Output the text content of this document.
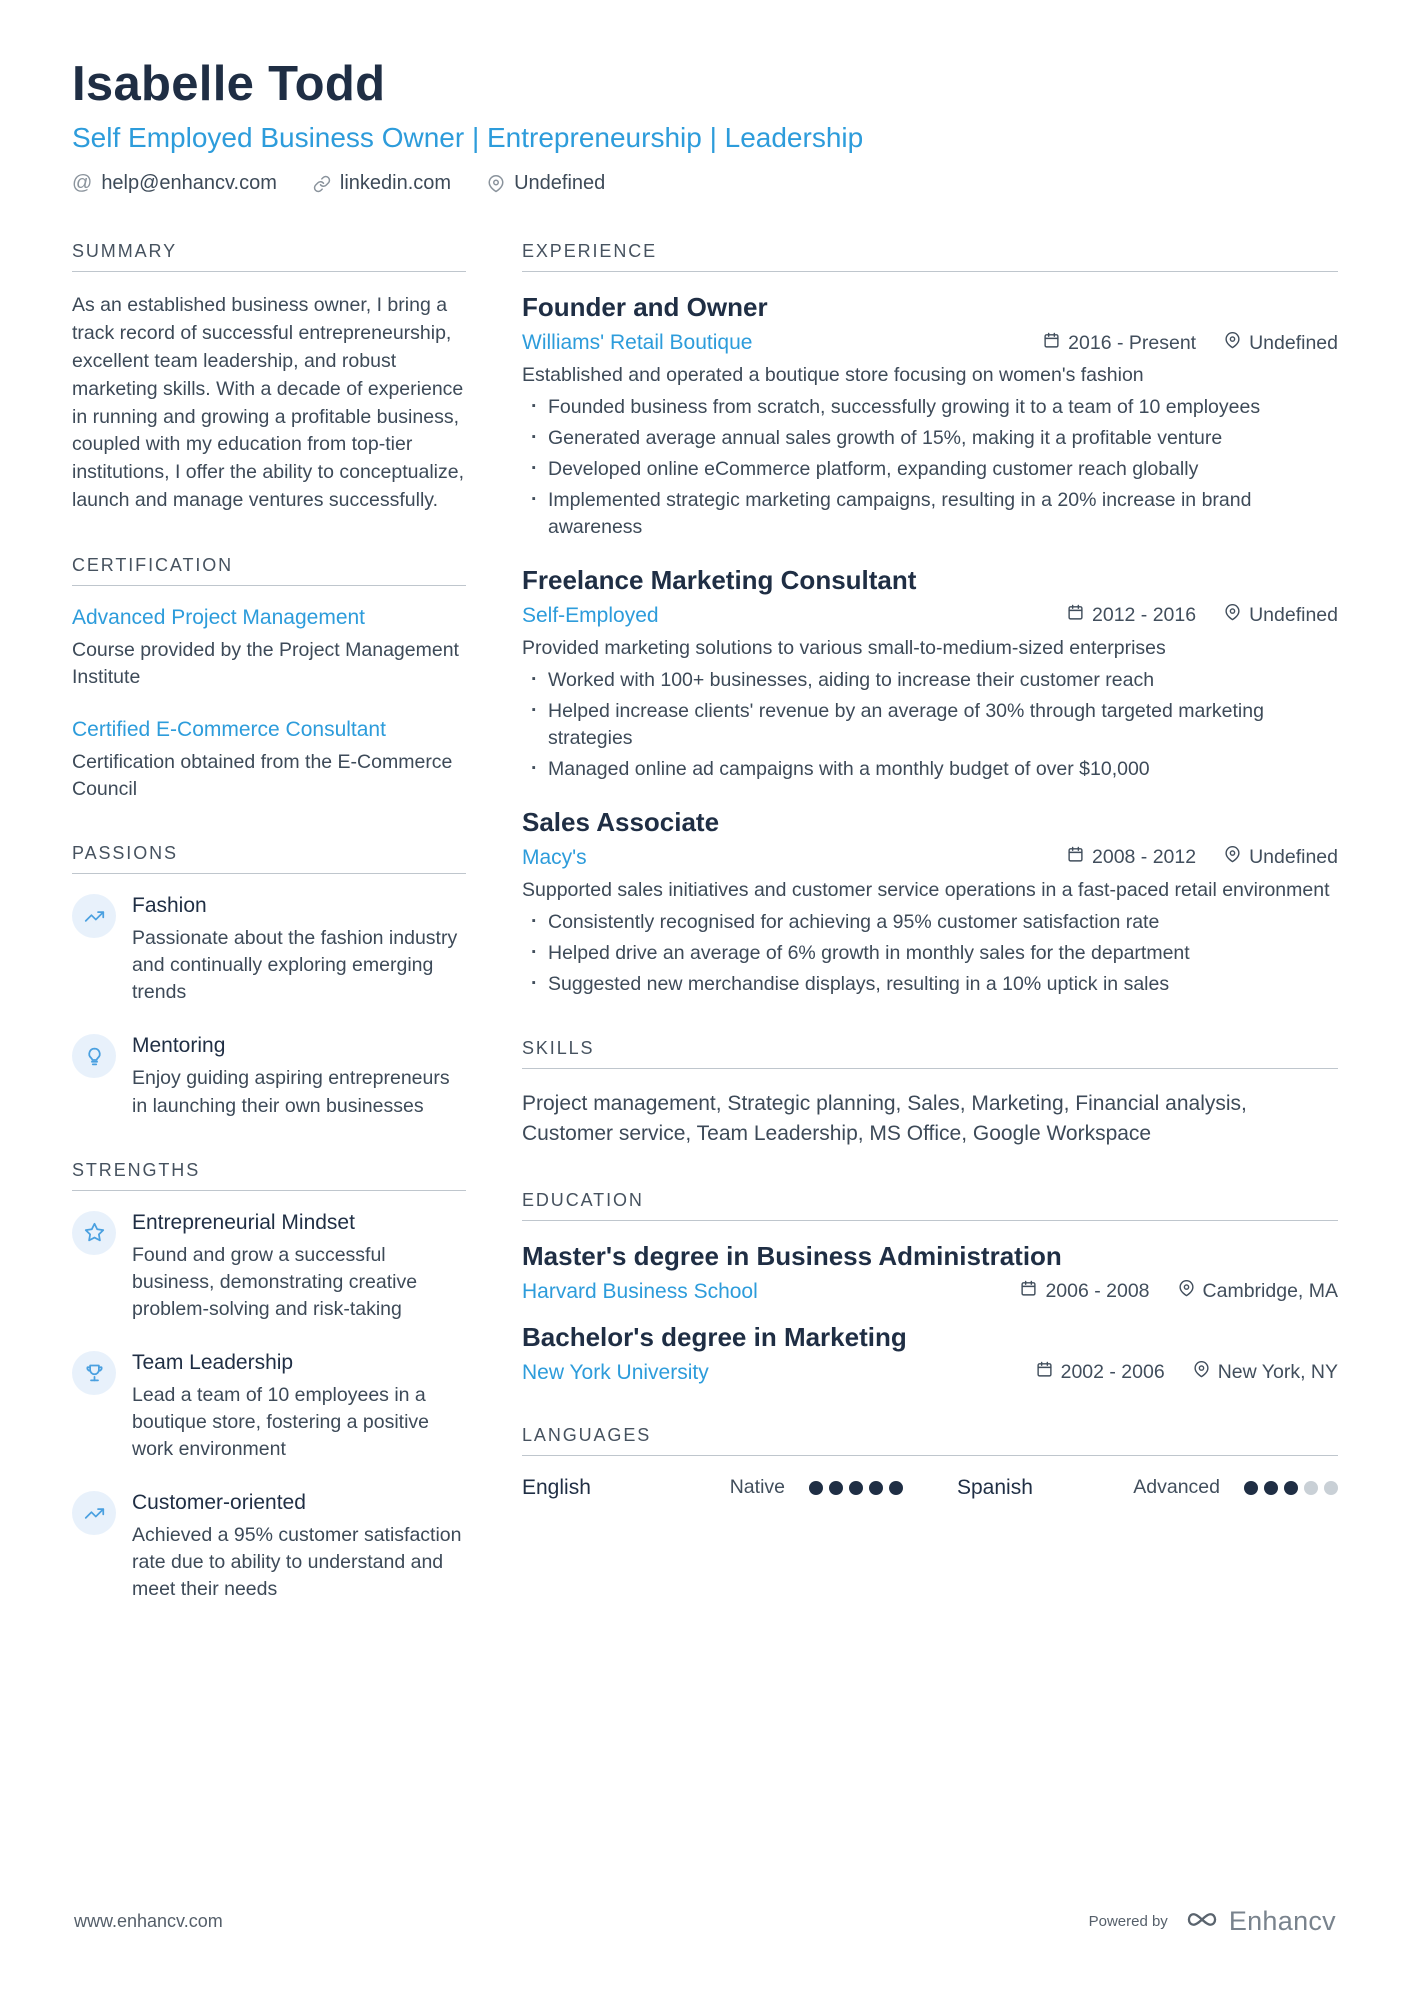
Isabelle Todd
Self Employed Business Owner | Entrepreneurship | Leadership
@ help@enhancv.com	linkedin.com	Undefined
SUMMARY
As an established business owner, I bring a track record of successful entrepreneurship, excellent team leadership, and robust marketing skills. With a decade of experience in running and growing a profitable business, coupled with my education from top-tier institutions, I offer the ability to conceptualize, launch and manage ventures successfully.
CERTIFICATION
Advanced Project Management
Course provided by the Project Management Institute
Certified E-Commerce Consultant
Certification obtained from the E-Commerce Council
PASSIONS
Fashion
Passionate about the fashion industry and continually exploring emerging trends
Mentoring
Enjoy guiding aspiring entrepreneurs in launching their own businesses
STRENGTHS
Entrepreneurial Mindset
Found and grow a successful business, demonstrating creative problem-solving and risk-taking
Team Leadership
Lead a team of 10 employees in a boutique store, fostering a positive work environment
Customer-oriented
Achieved a 95% customer satisfaction rate due to ability to understand and meet their needs
EXPERIENCE
Founder and Owner
Williams' Retail Boutique	2016 - Present	Undefined
Established and operated a boutique store focusing on women's fashion
· Founded business from scratch, successfully growing it to a team of 10 employees
· Generated average annual sales growth of 15%, making it a profitable venture
· Developed online eCommerce platform, expanding customer reach globally
· Implemented strategic marketing campaigns, resulting in a 20% increase in brand awareness
Freelance Marketing Consultant
Self-Employed	2012 - 2016	Undefined
Provided marketing solutions to various small-to-medium-sized enterprises
· Worked with 100+ businesses, aiding to increase their customer reach
· Helped increase clients' revenue by an average of 30% through targeted marketing strategies
· Managed online ad campaigns with a monthly budget of over $10,000
Sales Associate
Macy's	2008 - 2012	Undefined
Supported sales initiatives and customer service operations in a fast-paced retail environment
· Consistently recognised for achieving a 95% customer satisfaction rate
· Helped drive an average of 6% growth in monthly sales for the department
· Suggested new merchandise displays, resulting in a 10% uptick in sales
SKILLS
Project management, Strategic planning, Sales, Marketing, Financial analysis, Customer service, Team Leadership, MS Office, Google Workspace
EDUCATION
Master's degree in Business Administration
Harvard Business School	2006 - 2008	Cambridge, MA
Bachelor's degree in Marketing
New York University	2002 - 2006	New York, NY
LANGUAGES
English	Native	Spanish	Advanced
www.enhancv.com	Powered by Enhancv
